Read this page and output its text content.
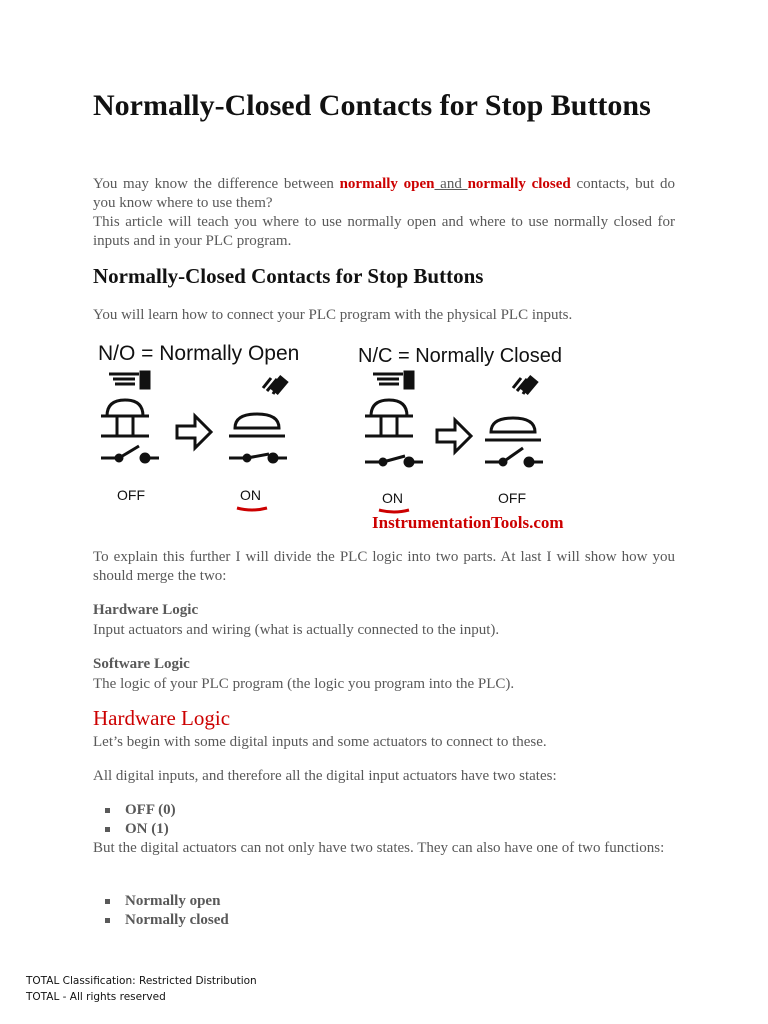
Normally-Closed Contacts for Stop Buttons

You may know the difference between normally open and normally closed contacts, but do you know where to use them?

This article will teach you where to use normally open and where to use normally closed for inputs and in your PLC program.

Normally-Closed Contacts for Stop Buttons

You will learn how to connect your PLC program with the physical PLC inputs.

To explain this further I will divide the PLC logic into two parts. At last I will show how you should merge the two:

Hardware Logic

Input actuators and wiring (what is actually connected to the input).

Software Logic

The logic of your PLC program (the logic you program into the PLC).

Hardware Logic

Let’s begin with some digital inputs and some actuators to connect to these.

All digital inputs, and therefore all the digital input actuators have two states:

OFF (0)

ON (1)

But the digital actuators can not only have two states. They can also have one of two functions:

Normally open

Normally closed

N/O = Normally Open	N/C = Normally Closed
OFF	ON	ON	OFF
InstrumentationTools.com
TOTAL Classification: Restricted Distribution
TOTAL - All rights reserved
